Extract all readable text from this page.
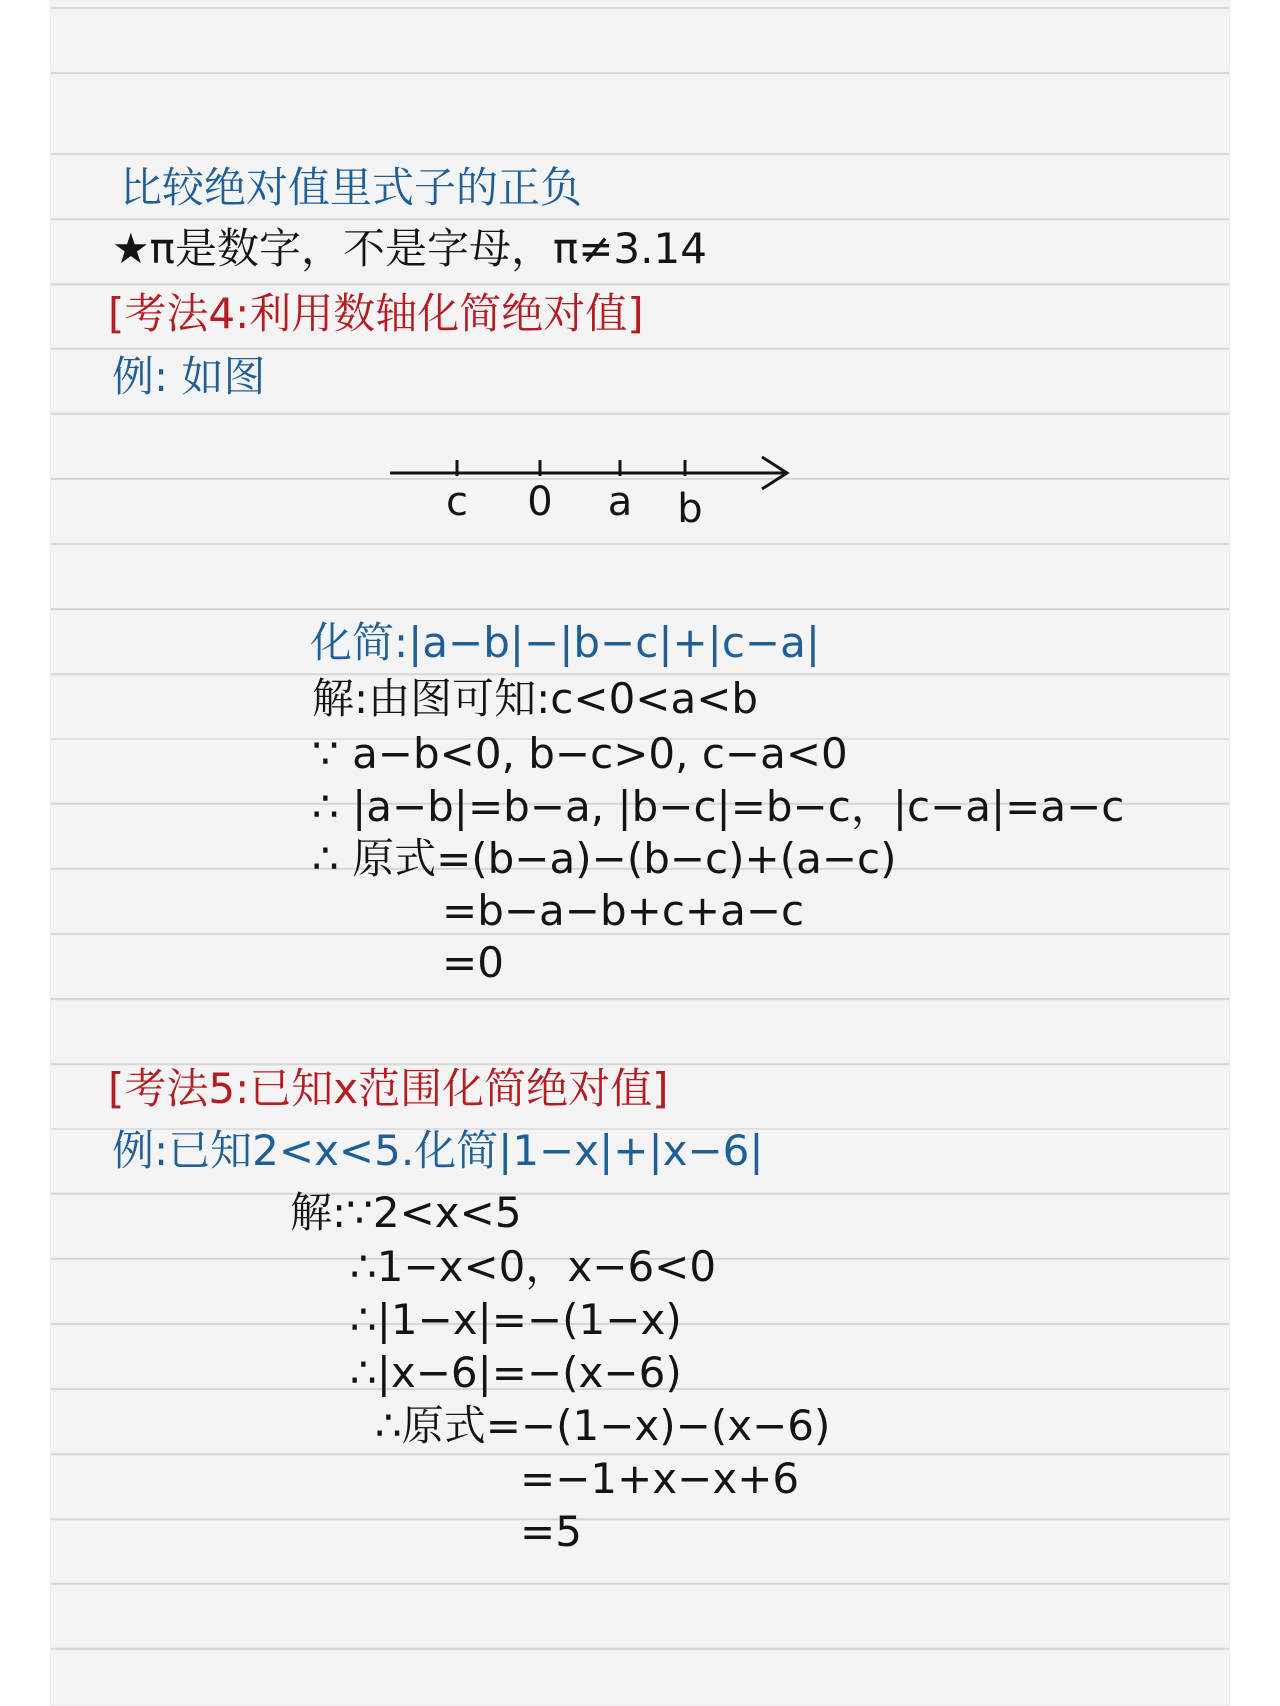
比较绝对值里式子的正负
★π是数字，不是字母，π≠3.14
[考法4:利用数轴化简绝对值]
例: 如图
c 0 a b
化简:|a−b|−|b−c|+|c−a|
解:由图可知:c<0<a<b
∵ a−b<0, b−c>0, c−a<0
∴ |a−b|=b−a, |b−c|=b−c，|c−a|=a−c
∴ 原式=(b−a)−(b−c)+(a−c)
=b−a−b+c+a−c
=0
[考法5:已知x范围化简绝对值]
例:已知2<x<5.化简|1−x|+|x−6|
解:∵2<x<5
∴1−x<0，x−6<0
∴|1−x|=−(1−x)
∴|x−6|=−(x−6)
∴原式=−(1−x)−(x−6)
=−1+x−x+6
=5
